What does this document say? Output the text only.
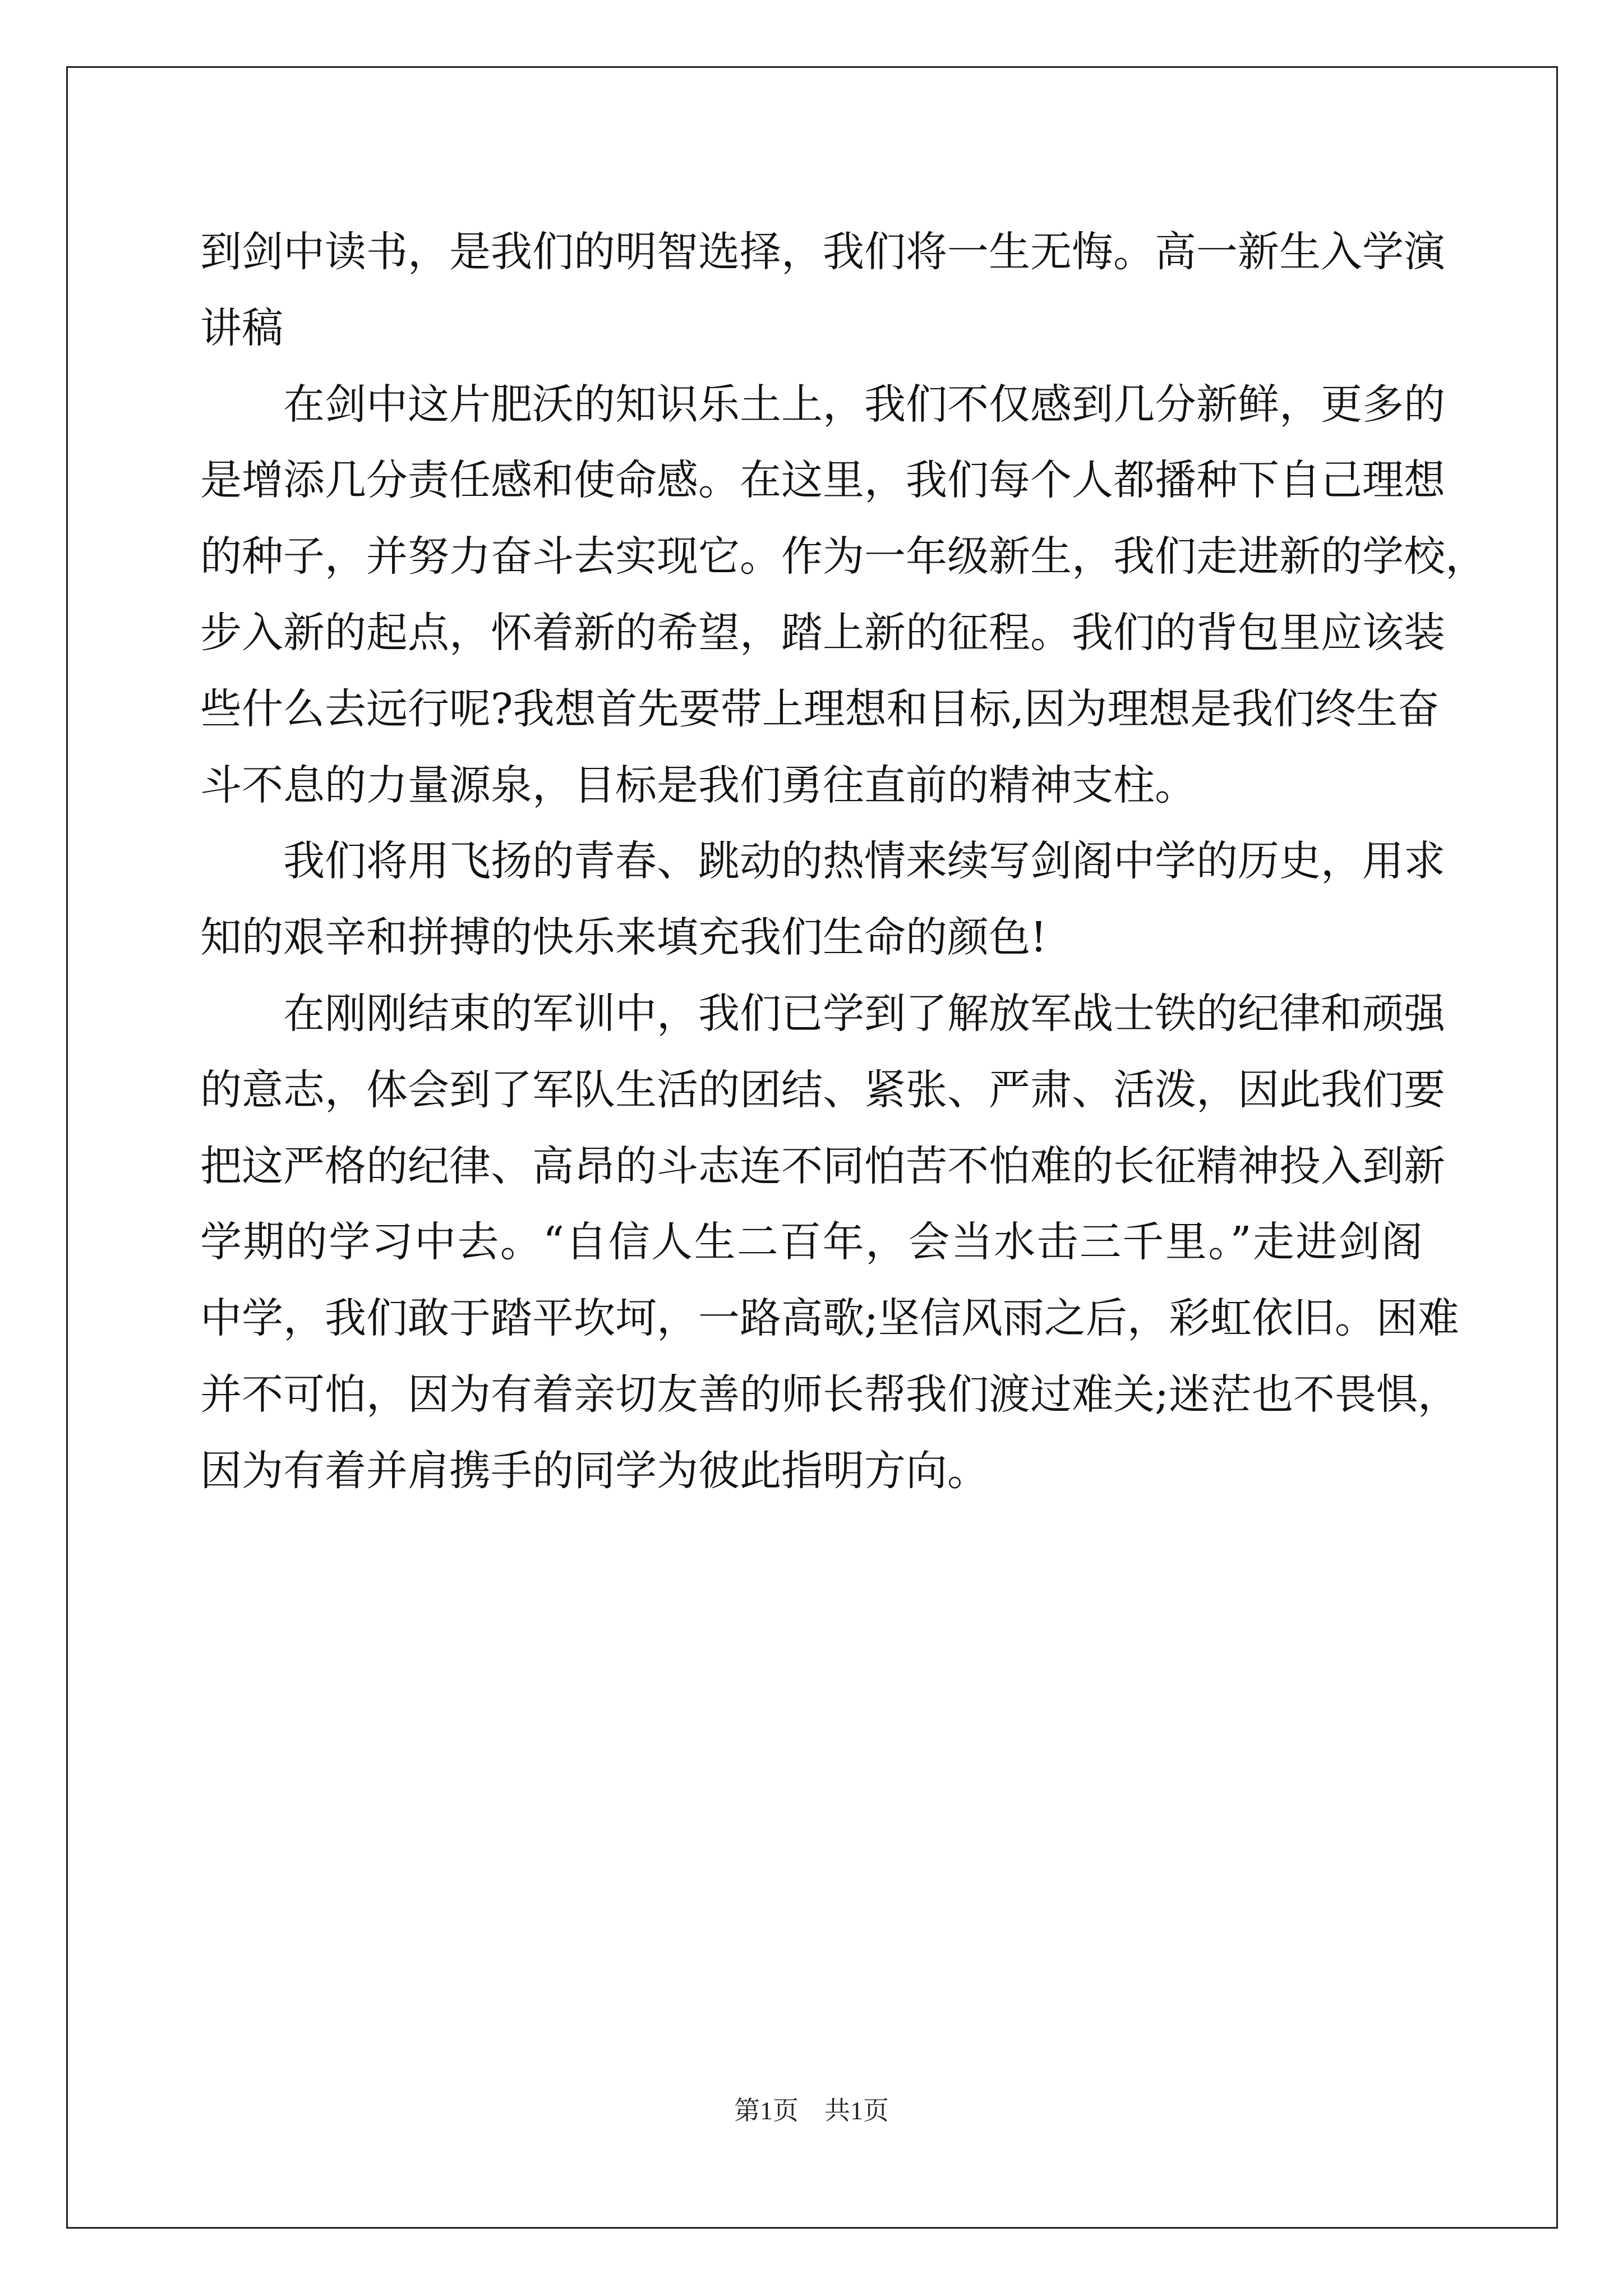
到剑中读书，是我们的明智选择，我们将一生无悔。高一新生入学演
讲稿
在剑中这片肥沃的知识乐土上，我们不仅感到几分新鲜，更多的
是增添几分责任感和使命感。在这里，我们每个人都播种下自己理想
的种子，并努力奋斗去实现它。作为一年级新生，我们走进新的学校，
步入新的起点，怀着新的希望，踏上新的征程。我们的背包里应该装
些什么去远行呢?我想首先要带上理想和目标,因为理想是我们终生奋
斗不息的力量源泉，目标是我们勇往直前的精神支柱。
我们将用飞扬的青春、跳动的热情来续写剑阁中学的历史，用求
知的艰辛和拼搏的快乐来填充我们生命的颜色!
在刚刚结束的军训中，我们已学到了解放军战士铁的纪律和顽强
的意志，体会到了军队生活的团结、紧张、严肃、活泼，因此我们要
把这严格的纪律、高昂的斗志连不同怕苦不怕难的长征精神投入到新
学期的学习中去。“自信人生二百年，会当水击三千里。”走进剑阁
中学，我们敢于踏平坎坷，一路高歌;坚信风雨之后，彩虹依旧。困难
并不可怕，因为有着亲切友善的师长帮我们渡过难关;迷茫也不畏惧，
因为有着并肩携手的同学为彼此指明方向。
第1页　共1页
